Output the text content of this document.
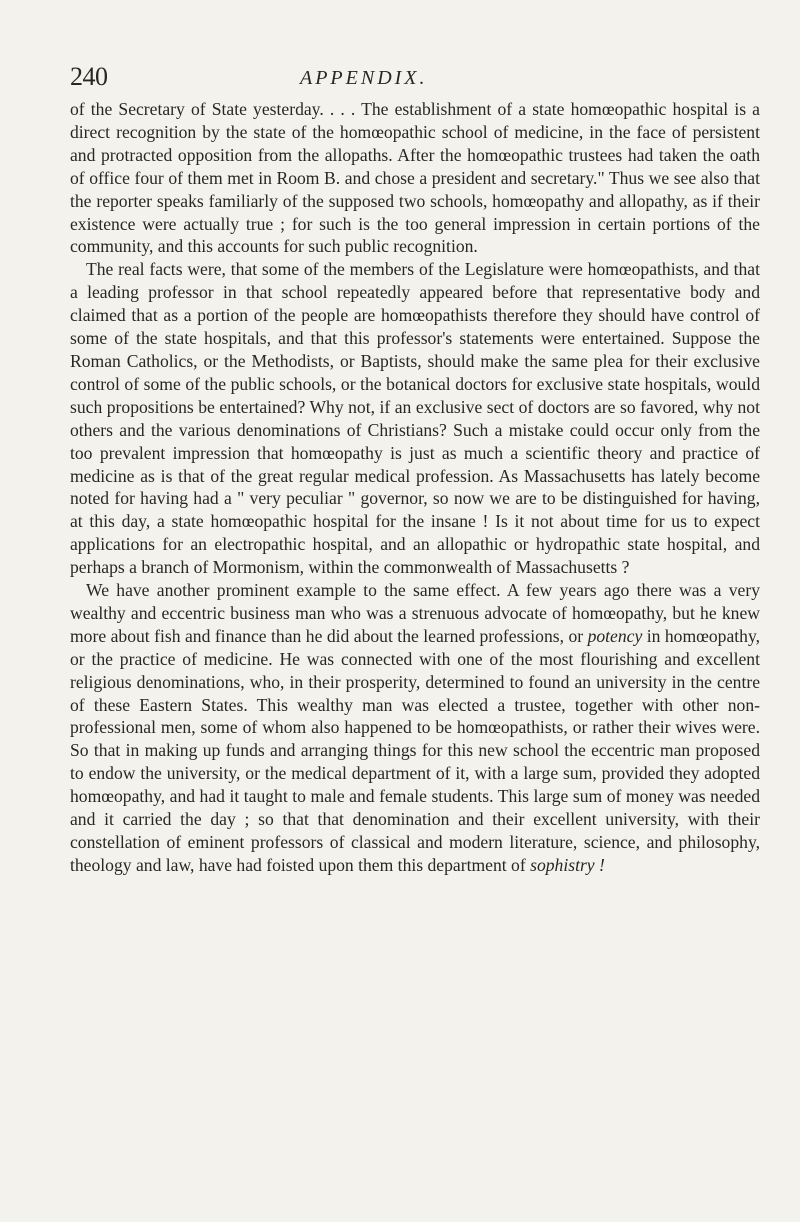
240	APPENDIX.

of the Secretary of State yesterday. . . . The establishment of a state homœopathic hospital is a direct recognition by the state of the homœopathic school of medicine, in the face of persistent and protracted opposition from the allopaths. After the homœopathic trustees had taken the oath of office four of them met in Room B. and chose a president and secretary." Thus we see also that the reporter speaks familiarly of the supposed two schools, homœopathy and allopathy, as if their existence were actually true ; for such is the too general impression in certain portions of the community, and this accounts for such public recognition.

The real facts were, that some of the members of the Legislature were homœopathists, and that a leading professor in that school repeatedly appeared before that representative body and claimed that as a portion of the people are homœopathists therefore they should have control of some of the state hospitals, and that this professor's statements were entertained. Suppose the Roman Catholics, or the Methodists, or Baptists, should make the same plea for their exclusive control of some of the public schools, or the botanical doctors for exclusive state hospitals, would such propositions be entertained? Why not, if an exclusive sect of doctors are so favored, why not others and the various denominations of Christians? Such a mistake could occur only from the too prevalent impression that homœopathy is just as much a scientific theory and practice of medicine as is that of the great regular medical profession. As Massachusetts has lately become noted for having had a " very peculiar " governor, so now we are to be distinguished for having, at this day, a state homœopathic hospital for the insane ! Is it not about time for us to expect applications for an electropathic hospital, and an allopathic or hydropathic state hospital, and perhaps a branch of Mormonism, within the commonwealth of Massachusetts ?

We have another prominent example to the same effect. A few years ago there was a very wealthy and eccentric business man who was a strenuous advocate of homœopathy, but he knew more about fish and finance than he did about the learned professions, or potency in homœopathy, or the practice of medicine. He was connected with one of the most flourishing and excellent religious denominations, who, in their prosperity, determined to found an university in the centre of these Eastern States. This wealthy man was elected a trustee, together with other non-professional men, some of whom also happened to be homœopathists, or rather their wives were. So that in making up funds and arranging things for this new school the eccentric man proposed to endow the university, or the medical department of it, with a large sum, provided they adopted homœopathy, and had it taught to male and female students. This large sum of money was needed and it carried the day ; so that that denomination and their excellent university, with their constellation of eminent professors of classical and modern literature, science, and philosophy, theology and law, have had foisted upon them this department of sophistry !
